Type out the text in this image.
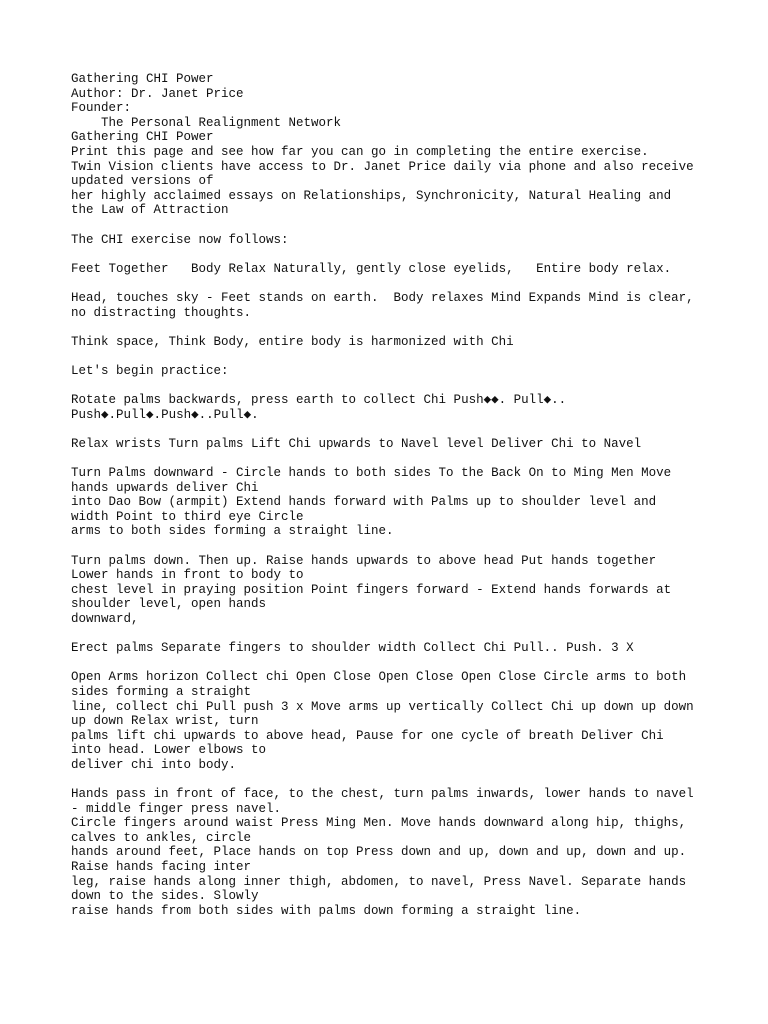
Gathering CHI Power
Author: Dr. Janet Price
Founder:
The Personal Realignment Network
Gathering CHI Power
Print this page and see how far you can go in completing the entire exercise.
Twin Vision clients have access to Dr. Janet Price daily via phone and also receive
updated versions of
her highly acclaimed essays on Relationships, Synchronicity, Natural Healing and
the Law of Attraction
The CHI exercise now follows:
Feet Together   Body Relax Naturally, gently close eyelids,   Entire body relax.
Head, touches sky - Feet stands on earth.  Body relaxes Mind Expands Mind is clear,
no distracting thoughts.
Think space, Think Body, entire body is harmonized with Chi
Let's begin practice:
Rotate palms backwards, press earth to collect Chi Push◆◆. Pull◆..
Push◆.Pull◆.Push◆..Pull◆.
Relax wrists Turn palms Lift Chi upwards to Navel level Deliver Chi to Navel
Turn Palms downward - Circle hands to both sides To the Back On to Ming Men Move
hands upwards deliver Chi
into Dao Bow (armpit) Extend hands forward with Palms up to shoulder level and
width Point to third eye Circle
arms to both sides forming a straight line.
Turn palms down. Then up. Raise hands upwards to above head Put hands together
Lower hands in front to body to
chest level in praying position Point fingers forward - Extend hands forwards at
shoulder level, open hands
downward,
Erect palms Separate fingers to shoulder width Collect Chi Pull.. Push. 3 X
Open Arms horizon Collect chi Open Close Open Close Open Close Circle arms to both
sides forming a straight
line, collect chi Pull push 3 x Move arms up vertically Collect Chi up down up down
up down Relax wrist, turn
palms lift chi upwards to above head, Pause for one cycle of breath Deliver Chi
into head. Lower elbows to
deliver chi into body.
Hands pass in front of face, to the chest, turn palms inwards, lower hands to navel
- middle finger press navel.
Circle fingers around waist Press Ming Men. Move hands downward along hip, thighs,
calves to ankles, circle
hands around feet, Place hands on top Press down and up, down and up, down and up.
Raise hands facing inter
leg, raise hands along inner thigh, abdomen, to navel, Press Navel. Separate hands
down to the sides. Slowly
raise hands from both sides with palms down forming a straight line.
